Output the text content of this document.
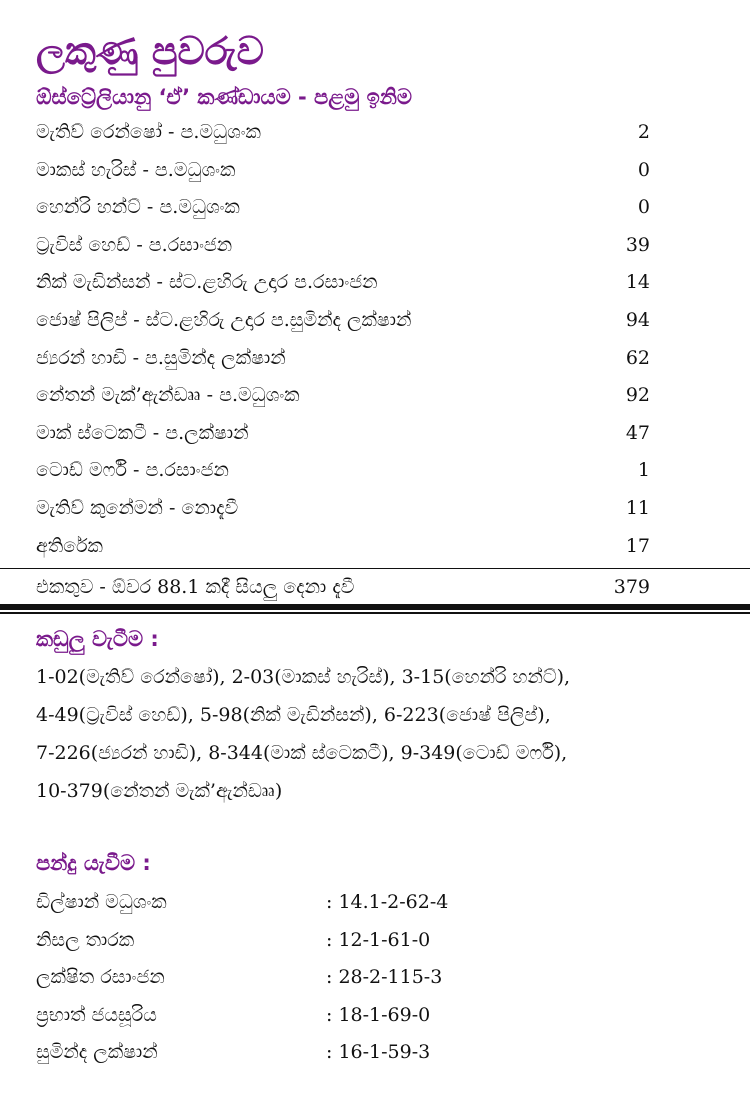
ලකුණු පුවරුව
ඕස්ට්‍රේලියානු ‘ඒ’ කණ්ඩායම - පළමු ඉනිම
මැතිව් රෙන්ෂෝ - ප.මධුශංක	2
මාකස් හැරිස් - ප.මධුශංක	0
හෙන්රි හන්ට් - ප.මධුශංක	0
ට්‍රැවිස් හෙඩ් - ප.රසාංජන	39
නික් මැඩින්සන් - ස්ට.ළහිරු උදාර ප.රසාංජන	14
ජොෂ් පිලිප් - ස්ට.ළහිරු උදාර ප.සුමින්ද ලක්ෂාන්	94
ජ්‍යරන් හාඩි - ප.සුමින්ද ලක්ෂාන්	62
නේතන් මැක්’ඇන්ඩෲ - ප.මධුශංක	92
මාක් ස්ටෙකටී - ප.ලක්ෂාන්	47
ටොඩ් මර්ෆි - ප.රසාංජන	1
මැතිව් කුනේමන් - නොදැවී	11
අතිරේක	17
එකතුව - ඕවර 88.1 කදී සියලු දෙනා දැවී	379
කඩුලු වැටීම :
1-02(මැතිව් රෙන්ෂෝ), 2-03(මාකස් හැරිස්), 3-15(හෙන්රි හන්ට්),
4-49(ට්‍රැවිස් හෙඩ්), 5-98(නික් මැඩින්සන්), 6-223(ජොෂ් පිලිප්),
7-226(ජ්‍යරන් හාඩි), 8-344(මාක් ස්ටෙකටී), 9-349(ටොඩ් මර්ෆි),
10-379(නේතන් මැක්’ඇන්ඩෲ)
පන්දු යැවීම :
ඩිල්ෂාන් මධුශංක	: 14.1-2-62-4
නිසල තාරක	: 12-1-61-0
ලක්ෂිත රසාංජන	: 28-2-115-3
ප්‍රභාත් ජයසූරිය	: 18-1-69-0
සුමින්ද ලක්ෂාන්	: 16-1-59-3
